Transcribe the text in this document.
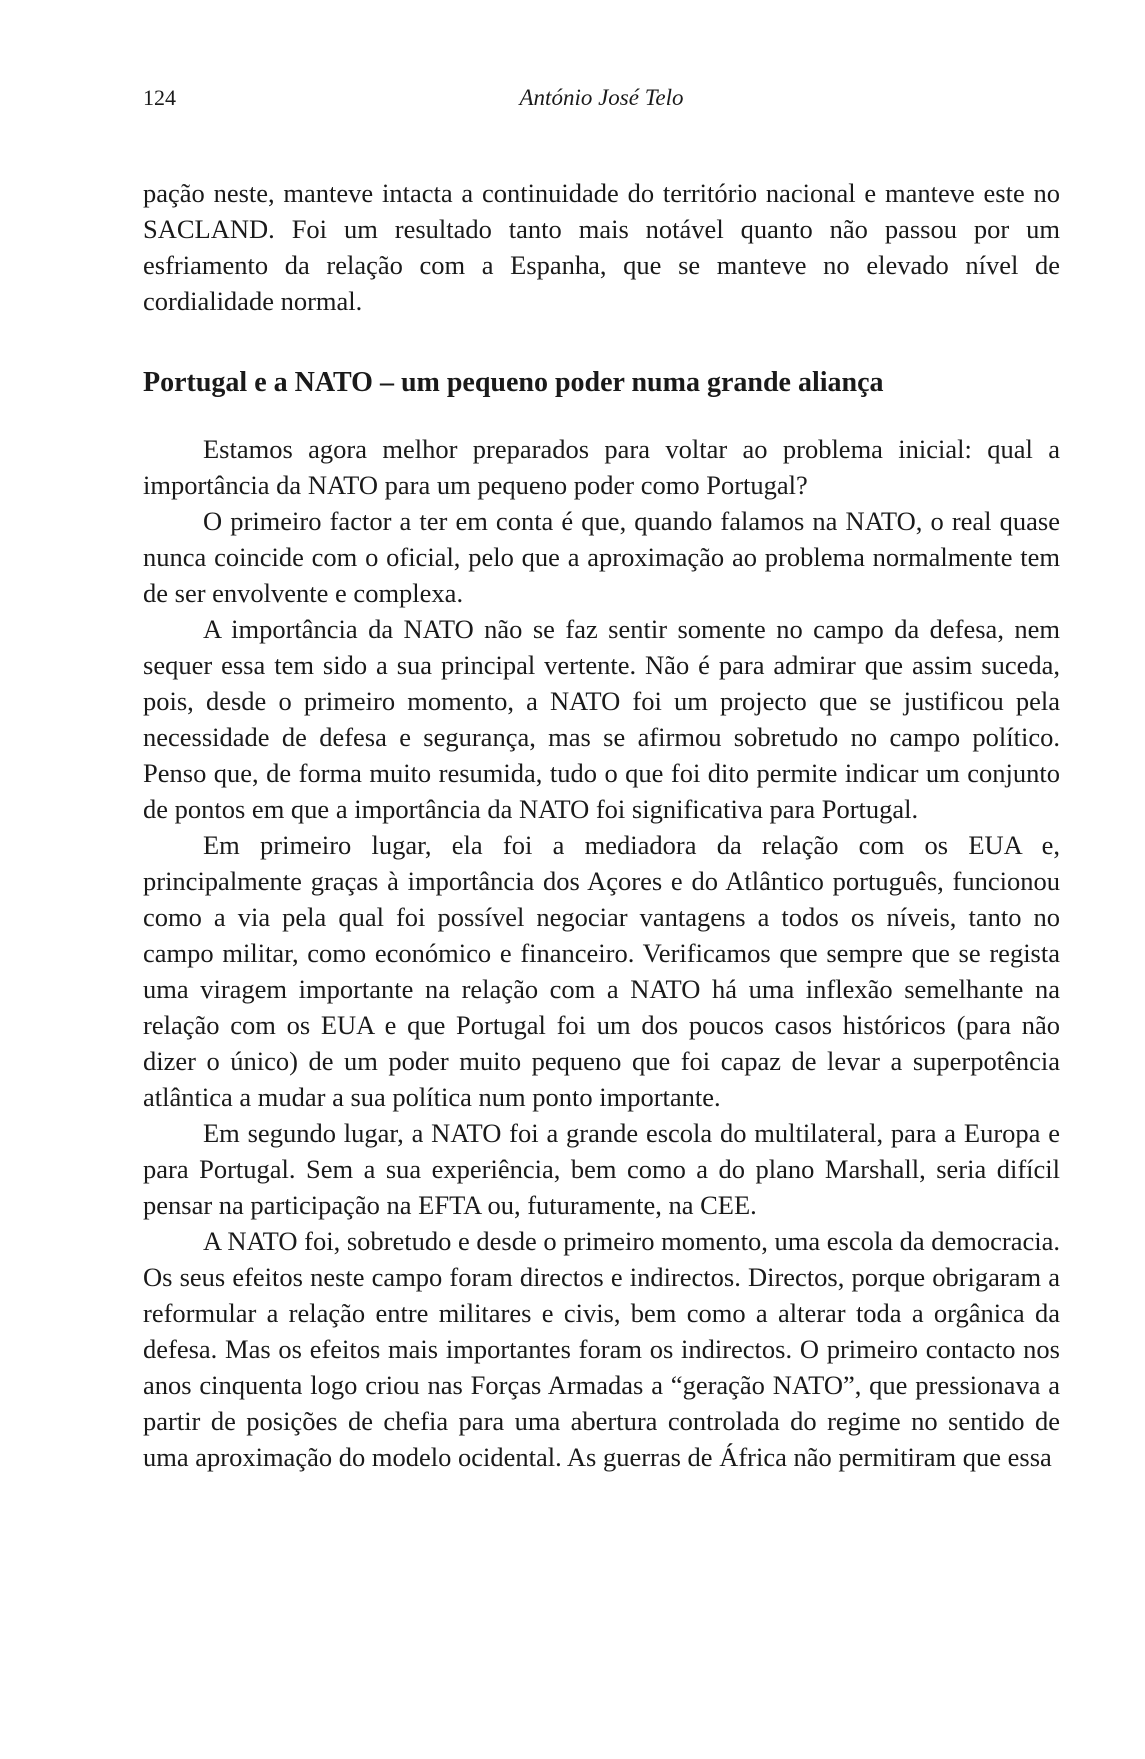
124	António José Telo

pação neste, manteve intacta a continuidade do território nacional e manteve este no SACLAND. Foi um resultado tanto mais notável quanto não passou por um esfriamento da relação com a Espanha, que se manteve no elevado nível de cordialidade normal.

Portugal e a NATO – um pequeno poder numa grande aliança

Estamos agora melhor preparados para voltar ao problema inicial: qual a importância da NATO para um pequeno poder como Portugal?

O primeiro factor a ter em conta é que, quando falamos na NATO, o real quase nunca coincide com o oficial, pelo que a aproximação ao problema normalmente tem de ser envolvente e complexa.

A importância da NATO não se faz sentir somente no campo da defesa, nem sequer essa tem sido a sua principal vertente. Não é para admirar que assim suceda, pois, desde o primeiro momento, a NATO foi um projecto que se justificou pela necessidade de defesa e segurança, mas se afirmou sobretudo no campo político. Penso que, de forma muito resumida, tudo o que foi dito permite indicar um conjunto de pontos em que a importância da NATO foi significativa para Portugal.

Em primeiro lugar, ela foi a mediadora da relação com os EUA e, principalmente graças à importância dos Açores e do Atlântico português, funcionou como a via pela qual foi possível negociar vantagens a todos os níveis, tanto no campo militar, como económico e financeiro. Verificamos que sempre que se regista uma viragem importante na relação com a NATO há uma inflexão semelhante na relação com os EUA e que Portugal foi um dos poucos casos históricos (para não dizer o único) de um poder muito pequeno que foi capaz de levar a superpotência atlântica a mudar a sua política num ponto importante.

Em segundo lugar, a NATO foi a grande escola do multilateral, para a Europa e para Portugal. Sem a sua experiência, bem como a do plano Marshall, seria difícil pensar na participação na EFTA ou, futuramente, na CEE.

A NATO foi, sobretudo e desde o primeiro momento, uma escola da democracia. Os seus efeitos neste campo foram directos e indirectos. Directos, porque obrigaram a reformular a relação entre militares e civis, bem como a alterar toda a orgânica da defesa. Mas os efeitos mais importantes foram os indirectos. O primeiro contacto nos anos cinquenta logo criou nas Forças Armadas a “geração NATO”, que pressionava a partir de posições de chefia para uma abertura controlada do regime no sentido de uma aproximação do modelo ocidental. As guerras de África não permitiram que essa
